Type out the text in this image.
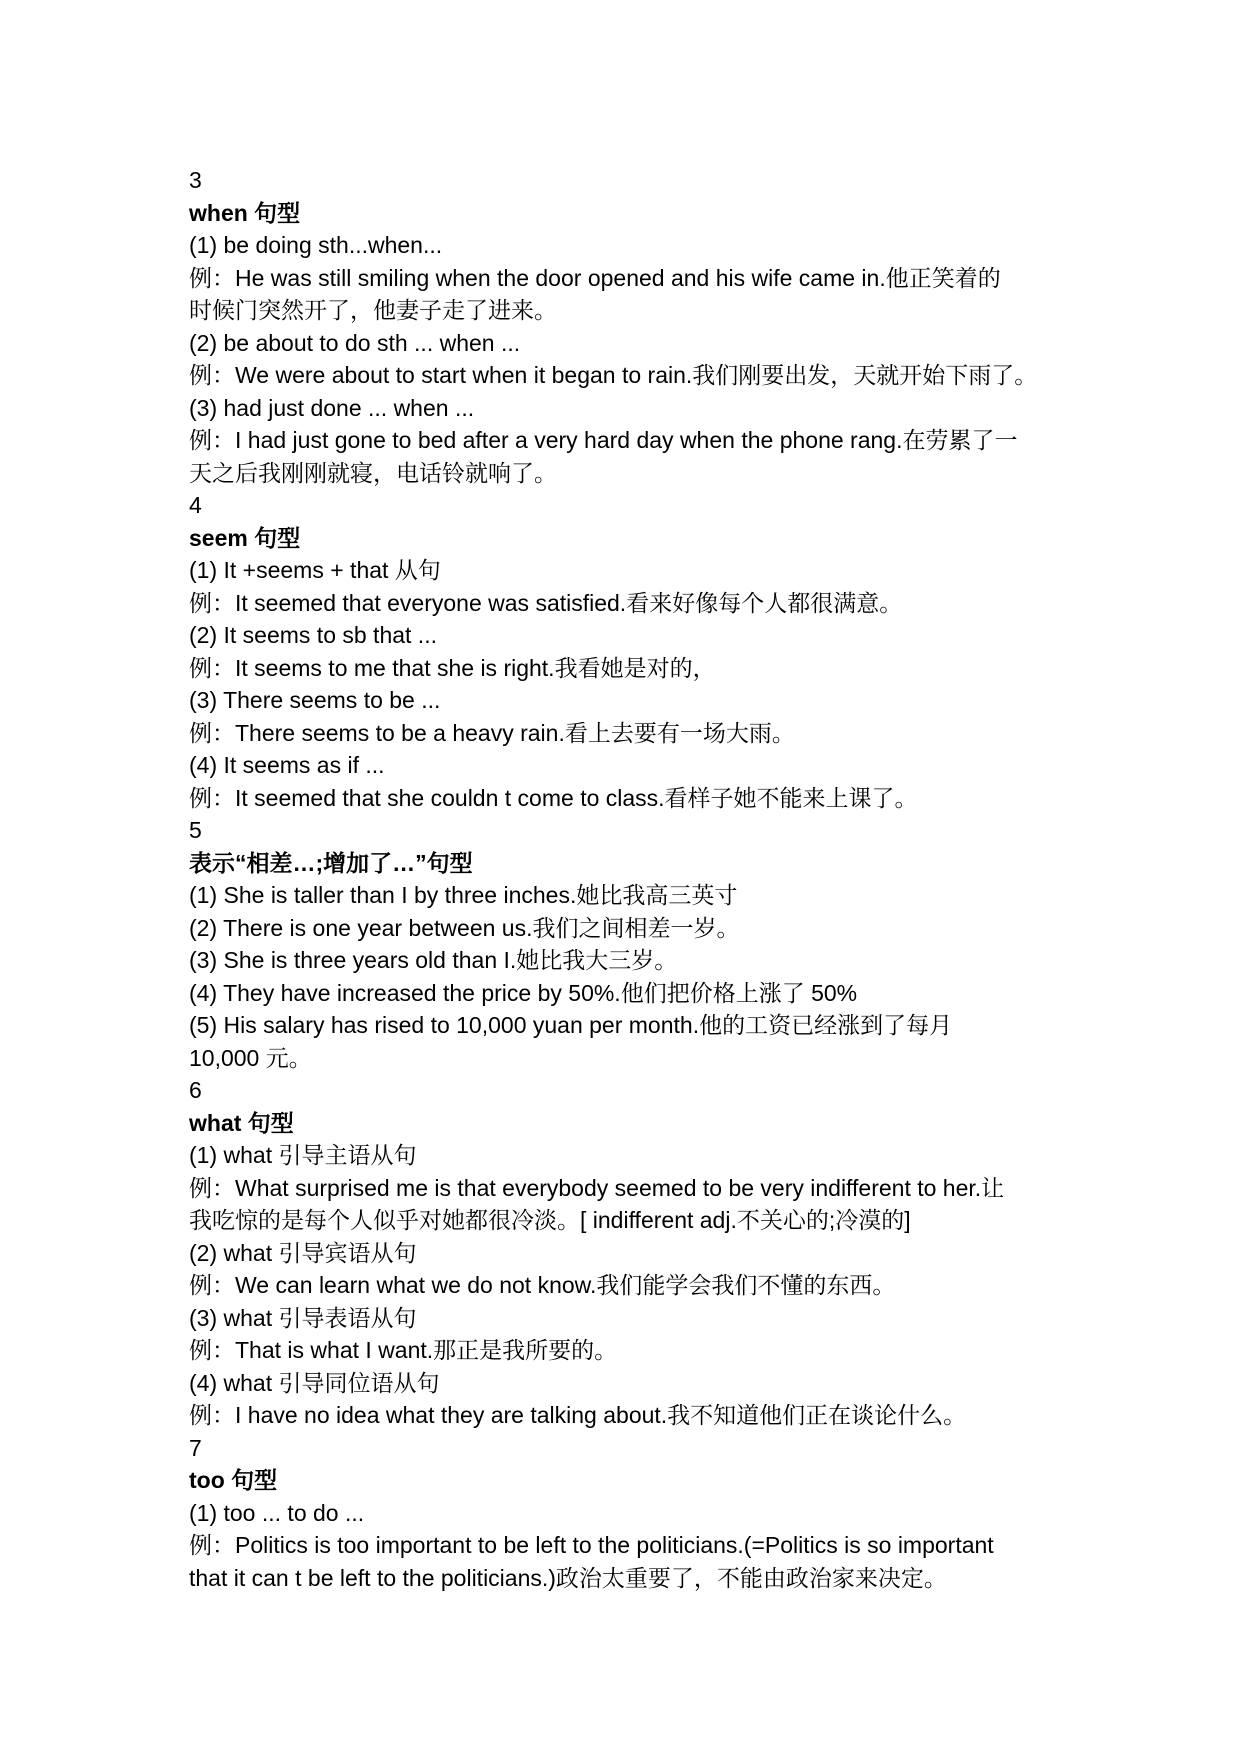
3
when 句型
(1) be doing sth...when...
例：He was still smiling when the door opened and his wife came in.他正笑着的
时候门突然开了，他妻子走了进来。
(2) be about to do sth ... when ...
例：We were about to start when it began to rain.我们刚要出发，天就开始下雨了。
(3) had just done ... when ...
例：I had just gone to bed after a very hard day when the phone rang.在劳累了一
天之后我刚刚就寝，电话铃就响了。
4
seem 句型
(1) It +seems + that 从句
例：It seemed that everyone was satisfied.看来好像每个人都很满意。
(2) It seems to sb that ...
例：It seems to me that she is right.我看她是对的，
(3) There seems to be ...
例：There seems to be a heavy rain.看上去要有一场大雨。
(4) It seems as if ...
例：It seemed that she couldn t come to class.看样子她不能来上课了。
5
表示“相差…;增加了…”句型
(1) She is taller than I by three inches.她比我高三英寸
(2) There is one year between us.我们之间相差一岁。
(3) She is three years old than I.她比我大三岁。
(4) They have increased the price by 50%.他们把价格上涨了 50%
(5) His salary has rised to 10,000 yuan per month.他的工资已经涨到了每月
10,000 元。
6
what 句型
(1) what 引导主语从句
例：What surprised me is that everybody seemed to be very indifferent to her.让
我吃惊的是每个人似乎对她都很冷淡。[ indifferent adj.不关心的;冷漠的]
(2) what 引导宾语从句
例：We can learn what we do not know.我们能学会我们不懂的东西。
(3) what 引导表语从句
例：That is what I want.那正是我所要的。
(4) what 引导同位语从句
例：I have no idea what they are talking about.我不知道他们正在谈论什么。
7
too 句型
(1) too ... to do ...
例：Politics is too important to be left to the politicians.(=Politics is so important
that it can t be left to the politicians.)政治太重要了，不能由政治家来决定。
